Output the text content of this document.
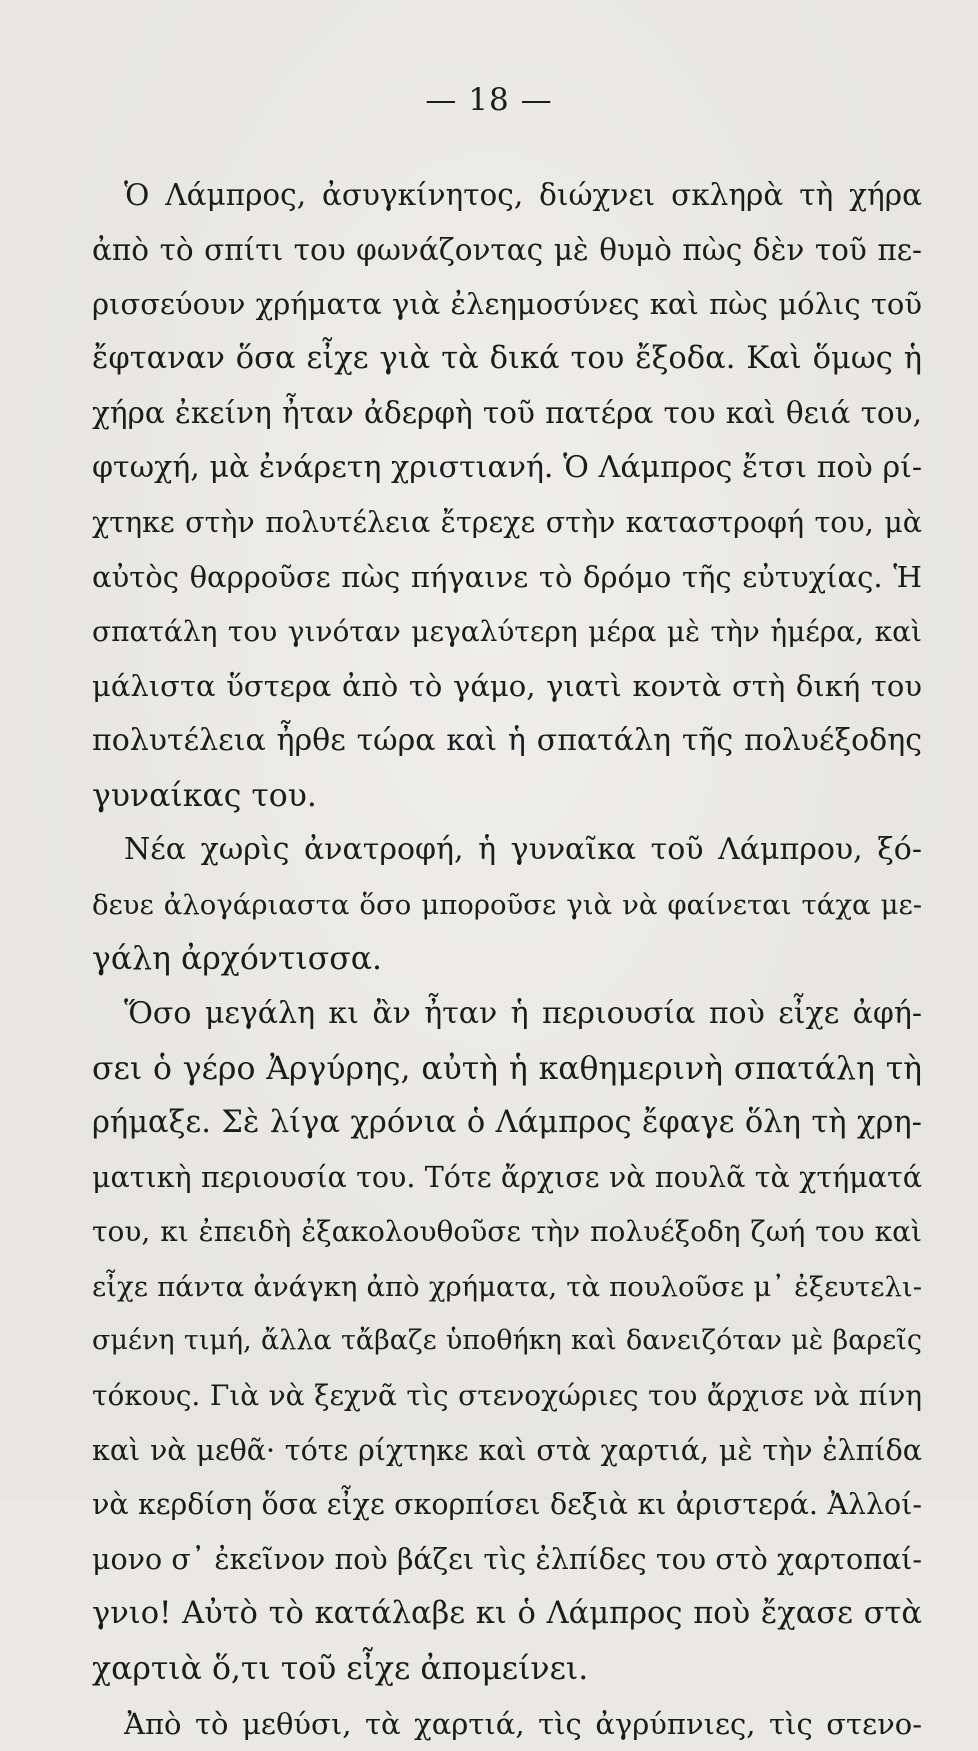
— 18 —
Ὁ Λάμπρος, ἀσυγκίνητος, διώχνει σκληρὰ τὴ χήρα
ἀπὸ τὸ σπίτι του φωνάζοντας μὲ θυμὸ πὼς δὲν τοῦ πε-
ρισσεύουν χρήματα γιὰ ἐλεημοσύνες καὶ πὼς μόλις τοῦ
ἔφταναν ὅσα εἶχε γιὰ τὰ δικά του ἔξοδα. Καὶ ὅμως ἡ
χήρα ἐκείνη ἦταν ἀδερφὴ τοῦ πατέρα του καὶ θειά του,
φτωχή, μὰ ἐνάρετη χριστιανή. Ὁ Λάμπρος ἔτσι ποὺ ρί-
χτηκε στὴν πολυτέλεια ἔτρεχε στὴν καταστροφή του, μὰ
αὐτὸς θαρροῦσε πὼς πήγαινε τὸ δρόμο τῆς εὐτυχίας. Ἡ
σπατάλη του γινόταν μεγαλύτερη μέρα μὲ τὴν ἡμέρα, καὶ
μάλιστα ὕστερα ἀπὸ τὸ γάμο, γιατὶ κοντὰ στὴ δική του
πολυτέλεια ἦρθε τώρα καὶ ἡ σπατάλη τῆς πολυέξοδης
γυναίκας του.
Νέα χωρὶς ἀνατροφή, ἡ γυναῖκα τοῦ Λάμπρου, ξό-
δευε ἀλογάριαστα ὅσο μποροῦσε γιὰ νὰ φαίνεται τάχα με-
γάλη ἀρχόντισσα.
Ὅσο μεγάλη κι ἂν ἦταν ἡ περιουσία ποὺ εἶχε ἀφή-
σει ὁ γέρο Ἀργύρης, αὐτὴ ἡ καθημερινὴ σπατάλη τὴ
ρήμαξε. Σὲ λίγα χρόνια ὁ Λάμπρος ἔφαγε ὅλη τὴ χρη-
ματικὴ περιουσία του. Τότε ἄρχισε νὰ πουλᾶ τὰ χτήματά
του, κι ἐπειδὴ ἐξακολουθοῦσε τὴν πολυέξοδη ζωή του καὶ
εἶχε πάντα ἀνάγκη ἀπὸ χρήματα, τὰ πουλοῦσε μ᾽ ἐξευτελι-
σμένη τιμή, ἄλλα τἄβαζε ὑποθήκη καὶ δανειζόταν μὲ βαρεῖς
τόκους. Γιὰ νὰ ξεχνᾶ τὶς στενοχώριες του ἄρχισε νὰ πίνη
καὶ νὰ μεθᾶ· τότε ρίχτηκε καὶ στὰ χαρτιά, μὲ τὴν ἐλπίδα
νὰ κερδίση ὅσα εἶχε σκορπίσει δεξιὰ κι ἀριστερά. Ἀλλοί-
μονο σ᾽ ἐκεῖνον ποὺ βάζει τὶς ἐλπίδες του στὸ χαρτοπαί-
γνιο! Αὐτὸ τὸ κατάλαβε κι ὁ Λάμπρος ποὺ ἔχασε στὰ
χαρτιὰ ὅ,τι τοῦ εἶχε ἀπομείνει.
Ἀπὸ τὸ μεθύσι, τὰ χαρτιά, τὶς ἀγρύπνιες, τὶς στενο-
